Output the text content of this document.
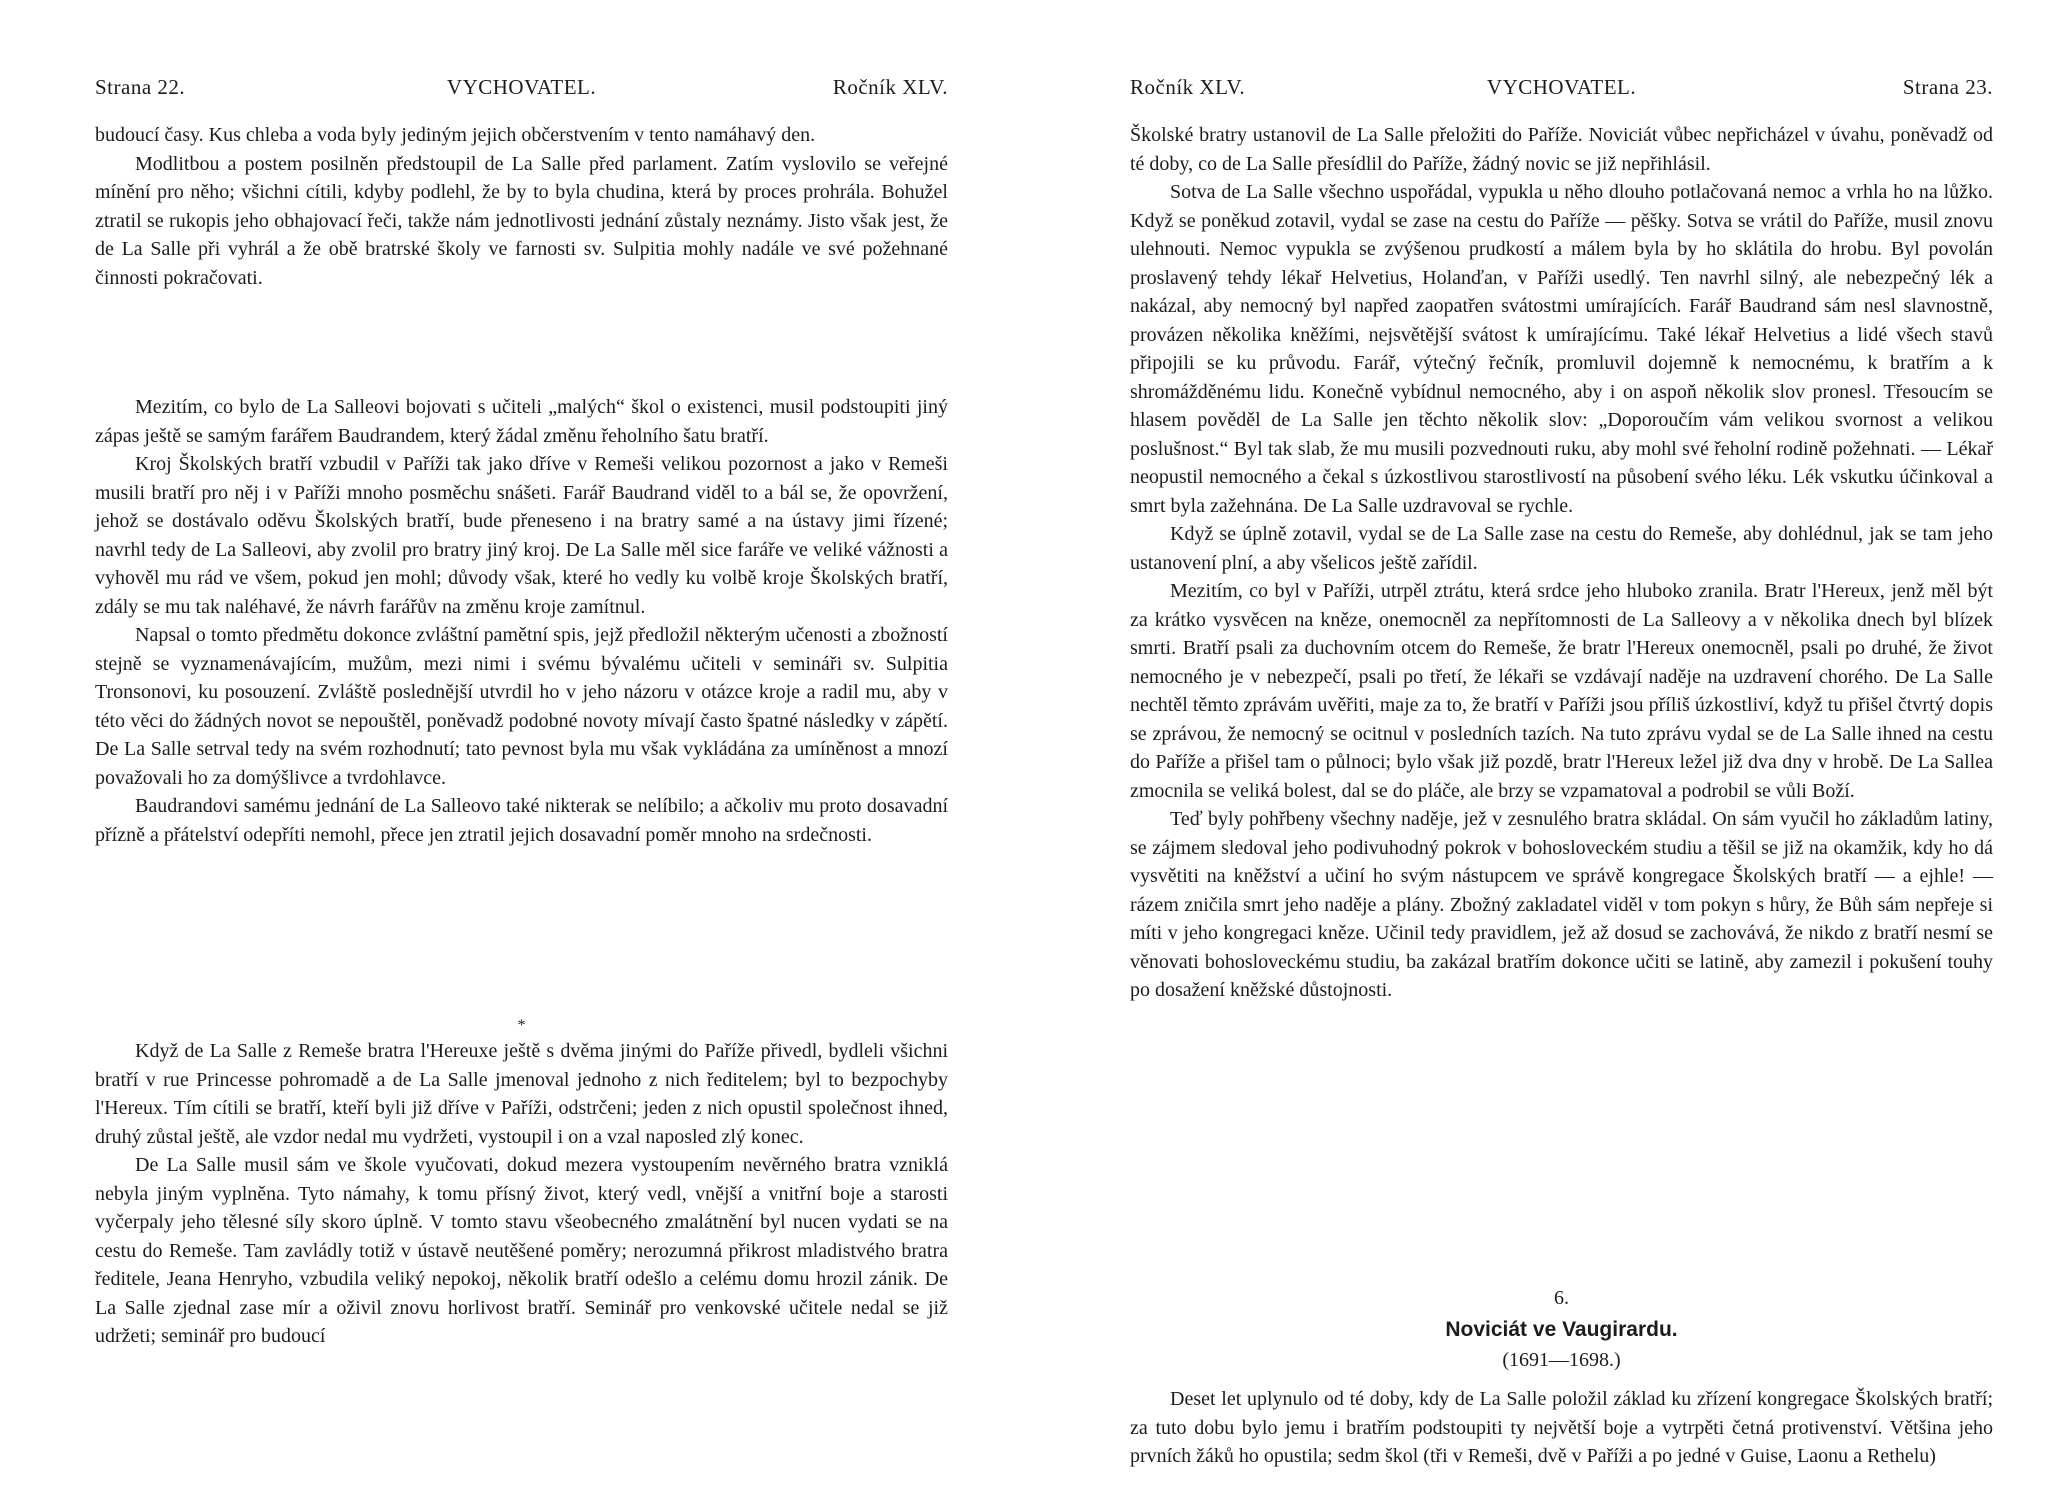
Strana 22.	VYCHOVATEL.	Ročník XLV.

budoucí časy. Kus chleba a voda byly jediným jejich občerstvením v tento namáhavý den.

Modlitbou a postem posilněn předstoupil de La Salle před parlament. Zatím vyslovilo se veřejné mínění pro něho; všichni cítili, kdyby podlehl, že by to byla chudina, která by proces prohrála. Bohužel ztratil se rukopis jeho obhajovací řeči, takže nám jednotlivosti jednání zůstaly neznámy. Jisto však jest, že de La Salle při vyhrál a že obě bratrské školy ve farnosti sv. Sulpitia mohly nadále ve své požehnané činnosti pokračovati.

Mezitím, co bylo de La Salleovi bojovati s učiteli „malých“ škol o existenci, musil podstoupiti jiný zápas ještě se samým farářem Baudrandem, který žádal změnu řeholního šatu bratří.

Kroj Školských bratří vzbudil v Paříži tak jako dříve v Remeši velikou pozornost a jako v Remeši musili bratří pro něj i v Paříži mnoho posměchu snášeti. Farář Baudrand viděl to a bál se, že opovržení, jehož se dostávalo oděvu Školských bratří, bude přeneseno i na bratry samé a na ústavy jimi řízené; navrhl tedy de La Salleovi, aby zvolil pro bratry jiný kroj. De La Salle měl sice faráře ve veliké vážnosti a vyhověl mu rád ve všem, pokud jen mohl; důvody však, které ho vedly ku volbě kroje Školských bratří, zdály se mu tak naléhavé, že návrh farářův na změnu kroje zamítnul.

Napsal o tomto předmětu dokonce zvláštní pamětní spis, jejž předložil některým učenosti a zbožností stejně se vyznamenávajícím, mužům, mezi nimi i svému bývalému učiteli v semináři sv. Sulpitia Tronsonovi, ku posouzení. Zvláště poslednější utvrdil ho v jeho názoru v otázce kroje a radil mu, aby v této věci do žádných novot se nepouštěl, poněvadž podobné novoty mívají často špatné následky v zápětí. De La Salle setrval tedy na svém rozhodnutí; tato pevnost byla mu však vykládána za umíněnost a mnozí považovali ho za domýšlivce a tvrdohlavce.

Baudrandovi samému jednání de La Salleovo také nikterak se nelíbilo; a ačkoliv mu proto dosavadní přízně a přátelství odepříti nemohl, přece jen ztratil jejich dosavadní poměr mnoho na srdečnosti.

*

Když de La Salle z Remeše bratra l'Hereuxe ještě s dvěma jinými do Paříže přivedl, bydleli všichni bratří v rue Princesse pohromadě a de La Salle jmenoval jednoho z nich ředitelem; byl to bezpochyby l'Hereux. Tím cítili se bratří, kteří byli již dříve v Paříži, odstrčeni; jeden z nich opustil společnost ihned, druhý zůstal ještě, ale vzdor nedal mu vydržeti, vystoupil i on a vzal naposled zlý konec.

De La Salle musil sám ve škole vyučovati, dokud mezera vystoupením nevěrného bratra vzniklá nebyla jiným vyplněna. Tyto námahy, k tomu přísný život, který vedl, vnější a vnitřní boje a starosti vyčerpaly jeho tělesné síly skoro úplně. V tomto stavu všeobecného zmalátnění byl nucen vydati se na cestu do Remeše. Tam zavládly totiž v ústavě neutěšené poměry; nerozumná přikrost mladistvého bratra ředitele, Jeana Henryho, vzbudila veliký nepokoj, několik bratří odešlo a celému domu hrozil zánik. De La Salle zjednal zase mír a oživil znovu horlivost bratří. Seminář pro venkovské učitele nedal se již udržeti; seminář pro budoucí

Ročník XLV.	VYCHOVATEL.	Strana 23.

Školské bratry ustanovil de La Salle přeložiti do Paříže. Noviciát vůbec nepřicházel v úvahu, poněvadž od té doby, co de La Salle přesídlil do Paříže, žádný novic se již nepřihlásil.

Sotva de La Salle všechno uspořádal, vypukla u něho dlouho potlačovaná nemoc a vrhla ho na lůžko. Když se poněkud zotavil, vydal se zase na cestu do Paříže — pěšky. Sotva se vrátil do Paříže, musil znovu ulehnouti. Nemoc vypukla se zvýšenou prudkostí a málem byla by ho sklátila do hrobu. Byl povolán proslavený tehdy lékař Helvetius, Holanďan, v Paříži usedlý. Ten navrhl silný, ale nebezpečný lék a nakázal, aby nemocný byl napřed zaopatřen svátostmi umírajících. Farář Baudrand sám nesl slavnostně, provázen několika kněžími, nejsvětější svátost k umírajícímu. Také lékař Helvetius a lidé všech stavů připojili se ku průvodu. Farář, výtečný řečník, promluvil dojemně k nemocnému, k bratřím a k shromážděnému lidu. Konečně vybídnul nemocného, aby i on aspoň několik slov pronesl. Třesoucím se hlasem pověděl de La Salle jen těchto několik slov: „Doporoučím vám velikou svornost a velikou poslušnost.“ Byl tak slab, že mu musili pozvednouti ruku, aby mohl své řeholní rodině požehnati. — Lékař neopustil nemocného a čekal s úzkostlivou starostlivostí na působení svého léku. Lék vskutku účinkoval a smrt byla zažehnána. De La Salle uzdravoval se rychle.

Když se úplně zotavil, vydal se de La Salle zase na cestu do Remeše, aby dohlédnul, jak se tam jeho ustanovení plní, a aby všelicos ještě zařídil.

Mezitím, co byl v Paříži, utrpěl ztrátu, která srdce jeho hluboko zranila. Bratr l'Hereux, jenž měl být za krátko vysvěcen na kněze, onemocněl za nepřítomnosti de La Salleovy a v několika dnech byl blízek smrti. Bratří psali za duchovním otcem do Remeše, že bratr l'Hereux onemocněl, psali po druhé, že život nemocného je v nebezpečí, psali po třetí, že lékaři se vzdávají naděje na uzdravení chorého. De La Salle nechtěl těmto zprávám uvěřiti, maje za to, že bratří v Paříži jsou příliš úzkostliví, když tu přišel čtvrtý dopis se zprávou, že nemocný se ocitnul v posledních tazích. Na tuto zprávu vydal se de La Salle ihned na cestu do Paříže a přišel tam o půlnoci; bylo však již pozdě, bratr l'Hereux ležel již dva dny v hrobě. De La Sallea zmocnila se veliká bolest, dal se do pláče, ale brzy se vzpamatoval a podrobil se vůli Boží.

Teď byly pohřbeny všechny naděje, jež v zesnulého bratra skládal. On sám vyučil ho základům latiny, se zájmem sledoval jeho podivuhodný pokrok v bohosloveckém studiu a těšil se již na okamžik, kdy ho dá vysvětiti na kněžství a učiní ho svým nástupcem ve správě kongregace Školských bratří — a ejhle! — rázem zničila smrt jeho naděje a plány. Zbožný zakladatel viděl v tom pokyn s hůry, že Bůh sám nepřeje si míti v jeho kongregaci kněze. Učinil tedy pravidlem, jež až dosud se zachovává, že nikdo z bratří nesmí se věnovati bohosloveckému studiu, ba zakázal bratřím dokonce učiti se latině, aby zamezil i pokušení touhy po dosažení kněžské důstojnosti.

6.
Noviciát ve Vaugirardu.
(1691—1698.)

Deset let uplynulo od té doby, kdy de La Salle položil základ ku zřízení kongregace Školských bratří; za tuto dobu bylo jemu i bratřím podstoupiti ty největší boje a vytrpěti četná protivenství. Většina jeho prvních žáků ho opustila; sedm škol (tři v Remeši, dvě v Paříži a po jedné v Guise, Laonu a Rethelu)
